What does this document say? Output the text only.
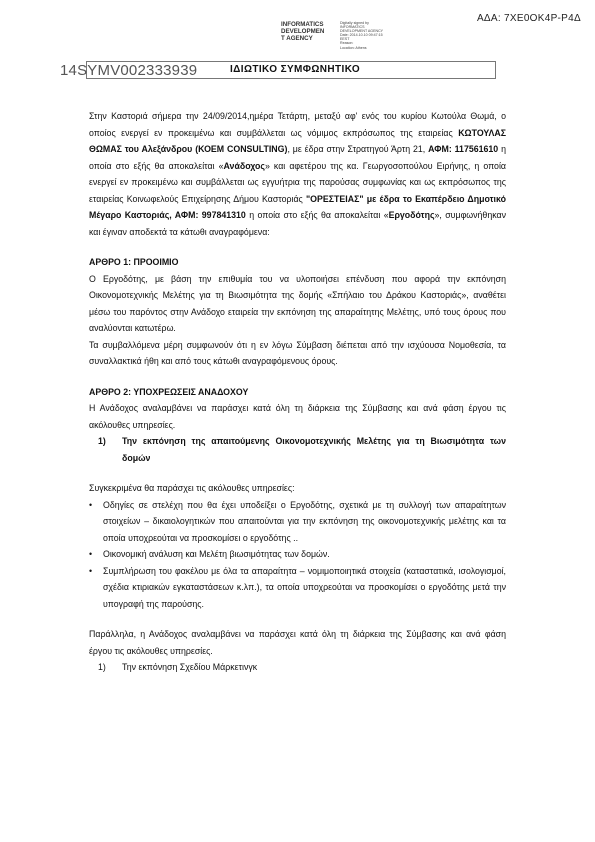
ΑΔΑ: 7ΧΕ0ΟΚ4Ρ-Ρ4Δ
INFORMATICS
DEVELOPMEN
T AGENCY
Digitally signed by
INFORMATICS
DEVELOPMENT AGENCY
Date: 2014.10.10 09:47:15
EEST
Reason:
Location: Athens
14SYMV002333939	ΙΔΙΩΤΙΚΟ ΣΥΜΦΩΝΗΤΙΚΟ

Στην Καστοριά σήμερα την 24/09/2014,ημέρα Τετάρτη, μεταξύ αφ' ενός του κυρίου Κωτούλα Θωμά, ο οποίος ενεργεί εν προκειμένω και συμβάλλεται ως νόμιμος εκπρόσωπος της εταιρείας ΚΩΤΟΥΛΑΣ ΘΩΜΑΣ του Αλεξάνδρου (ΚΟΕΜ CONSULTING), με έδρα στην Στρατηγού Άρτη 21, ΑΦΜ: 117561610 η οποία στο εξής θα αποκαλείται «Ανάδοχος» και αφετέρου της κα. Γεωργοσοπούλου Ειρήνης, η οποία ενεργεί εν προκειμένω και συμβάλλεται ως εγγυήτρια της παρούσας συμφωνίας και ως εκπρόσωπος της εταιρείας Κοινωφελούς Επιχείρησης Δήμου Καστοριάς "ΟΡΕΣΤΕΙΑΣ" με έδρα το Εκαπέρδειο Δημοτικό Μέγαρο Καστοριάς, ΑΦΜ: 997841310 η οποία στο εξής θα αποκαλείται «Εργοδότης», συμφωνήθηκαν και έγιναν αποδεκτά τα κάτωθι αναγραφόμενα:

ΑΡΘΡΟ 1: ΠΡΟΟΙΜΙΟ

Ο Εργοδότης, με βάση την επιθυμία του να υλοποιήσει επένδυση που αφορά την εκπόνηση Οικονομοτεχνικής Μελέτης για τη Βιωσιμότητα της δομής «Σπήλαιο του Δράκου Καστοριάς», αναθέτει μέσω του παρόντος στην Ανάδοχο εταιρεία την εκπόνηση της απαραίτητης Μελέτης, υπό τους όρους που αναλύονται κατωτέρω.

Τα συμβαλλόμενα μέρη συμφωνούν ότι η εν λόγω Σύμβαση διέπεται από την ισχύουσα Νομοθεσία, τα συναλλακτικά ήθη και από τους κάτωθι αναγραφόμενους όρους.

ΑΡΘΡΟ 2: ΥΠΟΧΡΕΩΣΕΙΣ ΑΝΑΔΟΧΟΥ

Η Ανάδοχος αναλαμβάνει να παράσχει κατά όλη τη διάρκεια της Σύμβασης και ανά φάση έργου τις ακόλουθες υπηρεσίες.

1)	Την εκπόνηση της απαιτούμενης Οικονομοτεχνικής Μελέτης για τη Βιωσιμότητα των δομών

Συγκεκριμένα θα παράσχει τις ακόλουθες υπηρεσίες:

•	Οδηγίες σε στελέχη που θα έχει υποδείξει ο Εργοδότης, σχετικά με τη συλλογή των απαραίτητων στοιχείων – δικαιολογητικών που απαιτούνται για την εκπόνηση της οικονομοτεχνικής μελέτης και τα οποία υποχρεούται να προσκομίσει ο εργοδότης ..
•	Οικονομική ανάλυση και Μελέτη βιωσιμότητας των δομών.
•	Συμπλήρωση του φακέλου με όλα τα απαραίτητα – νομιμοποιητικά στοιχεία (καταστατικά, ισολογισμοί, σχέδια κτιριακών εγκαταστάσεων κ.λπ.), τα οποία υποχρεούται να προσκομίσει ο εργοδότης μετά την υπογραφή της παρούσης.

Παράλληλα, η Ανάδοχος αναλαμβάνει να παράσχει κατά όλη τη διάρκεια της Σύμβασης και ανά φάση έργου τις ακόλουθες υπηρεσίες.

1)	Την εκπόνηση Σχεδίου Μάρκετινγκ
